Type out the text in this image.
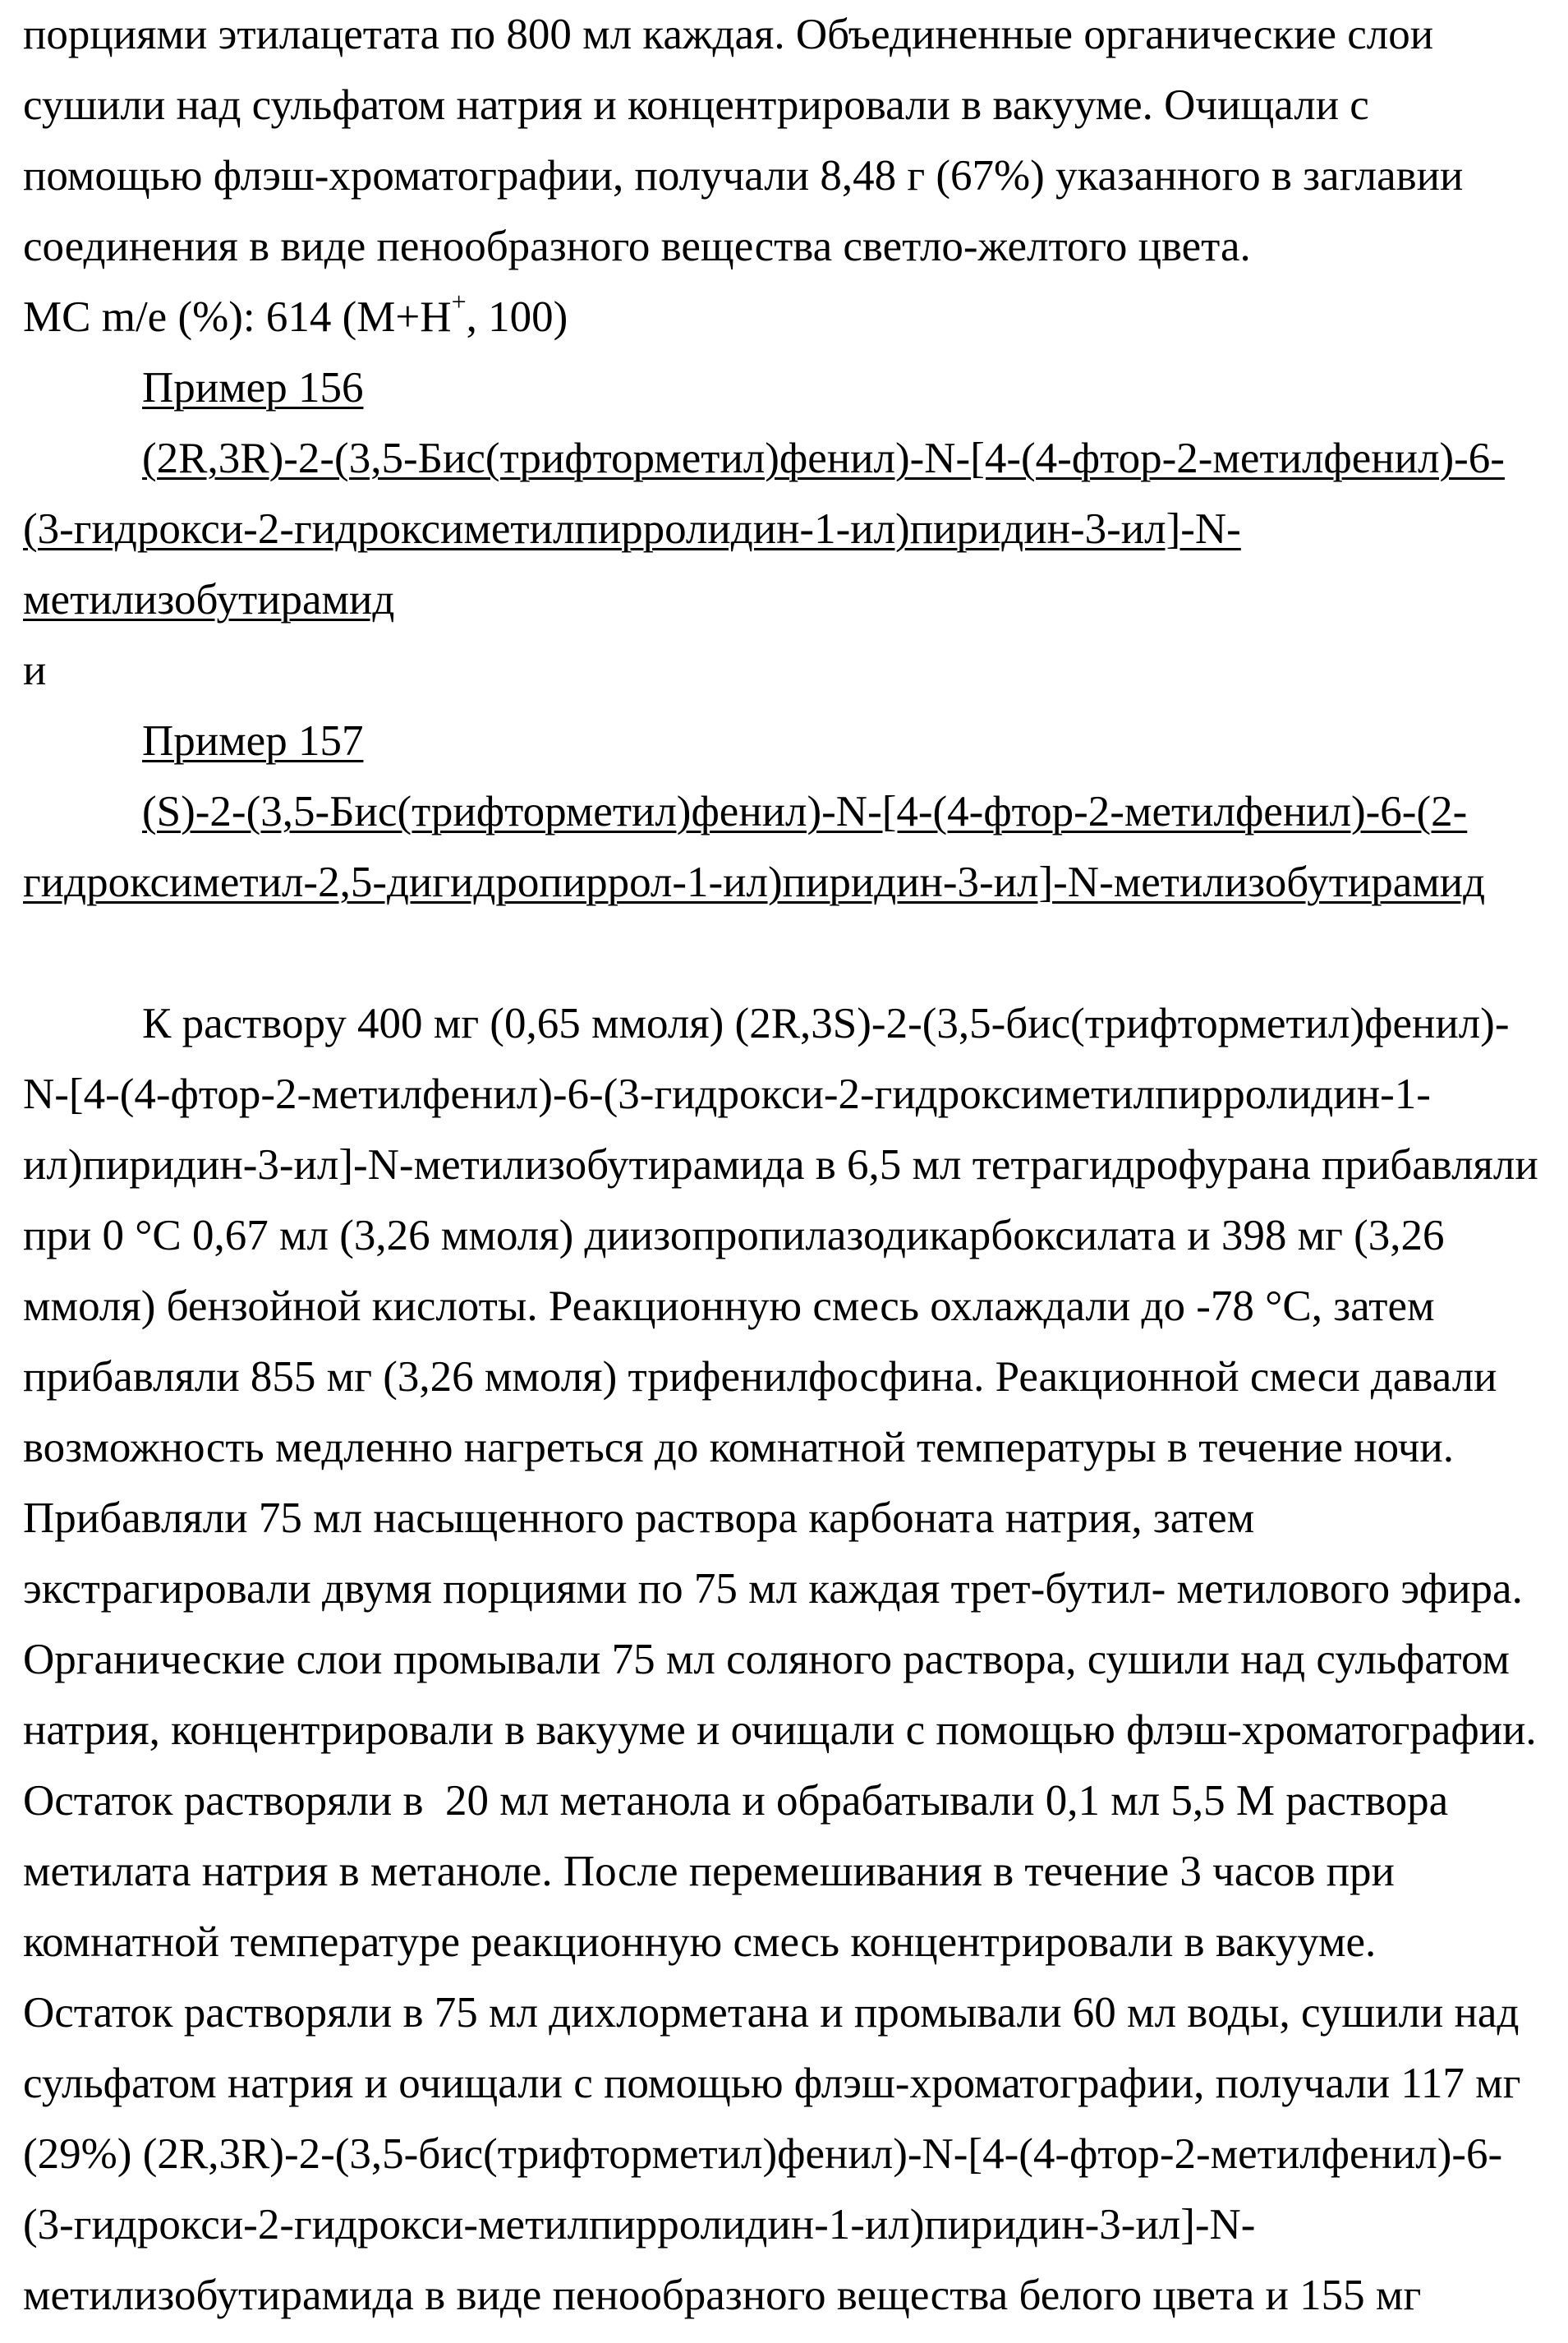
порциями этилацетата по 800 мл каждая. Объединенные органические слои
сушили над сульфатом натрия и концентрировали в вакууме. Очищали с
помощью флэш-хроматографии, получали 8,48 г (67%) указанного в заглавии
соединения в виде пенообразного вещества светло-желтого цвета.
МС m/e (%): 614 (М+Н+, 100)
Пример 156
(2R,3R)-2-(3,5-Бис(трифторметил)фенил)-N-[4-(4-фтор-2-метилфенил)-6-
(3-гидрокси-2-гидроксиметилпирролидин-1-ил)пиридин-3-ил]-N-
метилизобутирамид
и
Пример 157
(S)-2-(3,5-Бис(трифторметил)фенил)-N-[4-(4-фтор-2-метилфенил)-6-(2-
гидроксиметил-2,5-дигидропиррол-1-ил)пиридин-3-ил]-N-метилизобутирамид
К раствору 400 мг (0,65 ммоля) (2R,3S)-2-(3,5-бис(трифторметил)фенил)-
N-[4-(4-фтор-2-метилфенил)-6-(3-гидрокси-2-гидроксиметилпирролидин-1-
ил)пиридин-3-ил]-N-метилизобутирамида в 6,5 мл тетрагидрофурана прибавляли
при 0 °С 0,67 мл (3,26 ммоля) диизопропилазодикарбоксилата и 398 мг (3,26
ммоля) бензойной кислоты. Реакционную смесь охлаждали до -78 °С, затем
прибавляли 855 мг (3,26 ммоля) трифенилфосфина. Реакционной смеси давали
возможность медленно нагреться до комнатной температуры в течение ночи.
Прибавляли 75 мл насыщенного раствора карбоната натрия, затем
экстрагировали двумя порциями по 75 мл каждая трет-бутил- метилового эфира.
Органические слои промывали 75 мл соляного раствора, сушили над сульфатом
натрия, концентрировали в вакууме и очищали с помощью флэш-хроматографии.
Остаток растворяли в  20 мл метанола и обрабатывали 0,1 мл 5,5 М раствора
метилата натрия в метаноле. После перемешивания в течение 3 часов при
комнатной температуре реакционную смесь концентрировали в вакууме.
Остаток растворяли в 75 мл дихлорметана и промывали 60 мл воды, сушили над
сульфатом натрия и очищали с помощью флэш-хроматографии, получали 117 мг
(29%) (2R,3R)-2-(3,5-бис(трифторметил)фенил)-N-[4-(4-фтор-2-метилфенил)-6-
(3-гидрокси-2-гидрокси-метилпирролидин-1-ил)пиридин-3-ил]-N-
метилизобутирамида в виде пенообразного вещества белого цвета и 155 мг
